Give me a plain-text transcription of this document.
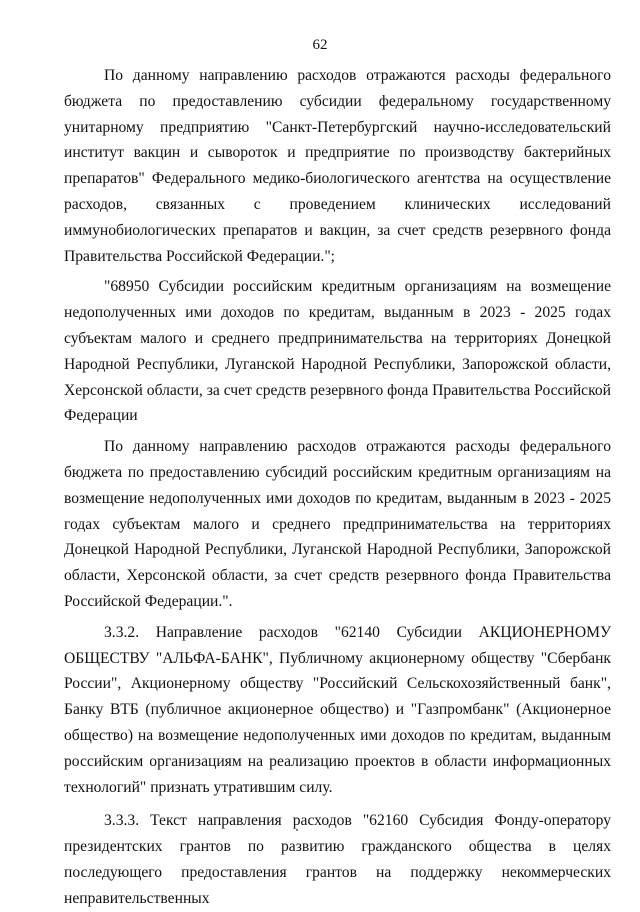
62

По данному направлению расходов отражаются расходы федерального бюджета по предоставлению субсидии федеральному государственному унитарному предприятию "Санкт-Петербургский научно-исследовательский институт вакцин и сывороток и предприятие по производству бактерийных препаратов" Федерального медико-биологического агентства на осуществление расходов, связанных с проведением клинических исследований иммунобиологических препаратов и вакцин, за счет средств резервного фонда Правительства Российской Федерации.";

"68950 Субсидии российским кредитным организациям на возмещение недополученных ими доходов по кредитам, выданным в 2023 - 2025 годах субъектам малого и среднего предпринимательства на территориях Донецкой Народной Республики, Луганской Народной Республики, Запорожской области, Херсонской области, за счет средств резервного фонда Правительства Российской Федерации

По данному направлению расходов отражаются расходы федерального бюджета по предоставлению субсидий российским кредитным организациям на возмещение недополученных ими доходов по кредитам, выданным в 2023 - 2025 годах субъектам малого и среднего предпринимательства на территориях Донецкой Народной Республики, Луганской Народной Республики, Запорожской области, Херсонской области, за счет средств резервного фонда Правительства Российской Федерации.".

3.3.2. Направление расходов "62140 Субсидии АКЦИОНЕРНОМУ ОБЩЕСТВУ "АЛЬФА-БАНК", Публичному акционерному обществу "Сбербанк России", Акционерному обществу "Российский Сельскохозяйственный банк", Банку ВТБ (публичное акционерное общество) и "Газпромбанк" (Акционерное общество) на возмещение недополученных ими доходов по кредитам, выданным российским организациям на реализацию проектов в области информационных технологий" признать утратившим силу.

3.3.3. Текст направления расходов "62160 Субсидия Фонду-оператору президентских грантов по развитию гражданского общества в целях последующего предоставления грантов на поддержку некоммерческих неправительственных
